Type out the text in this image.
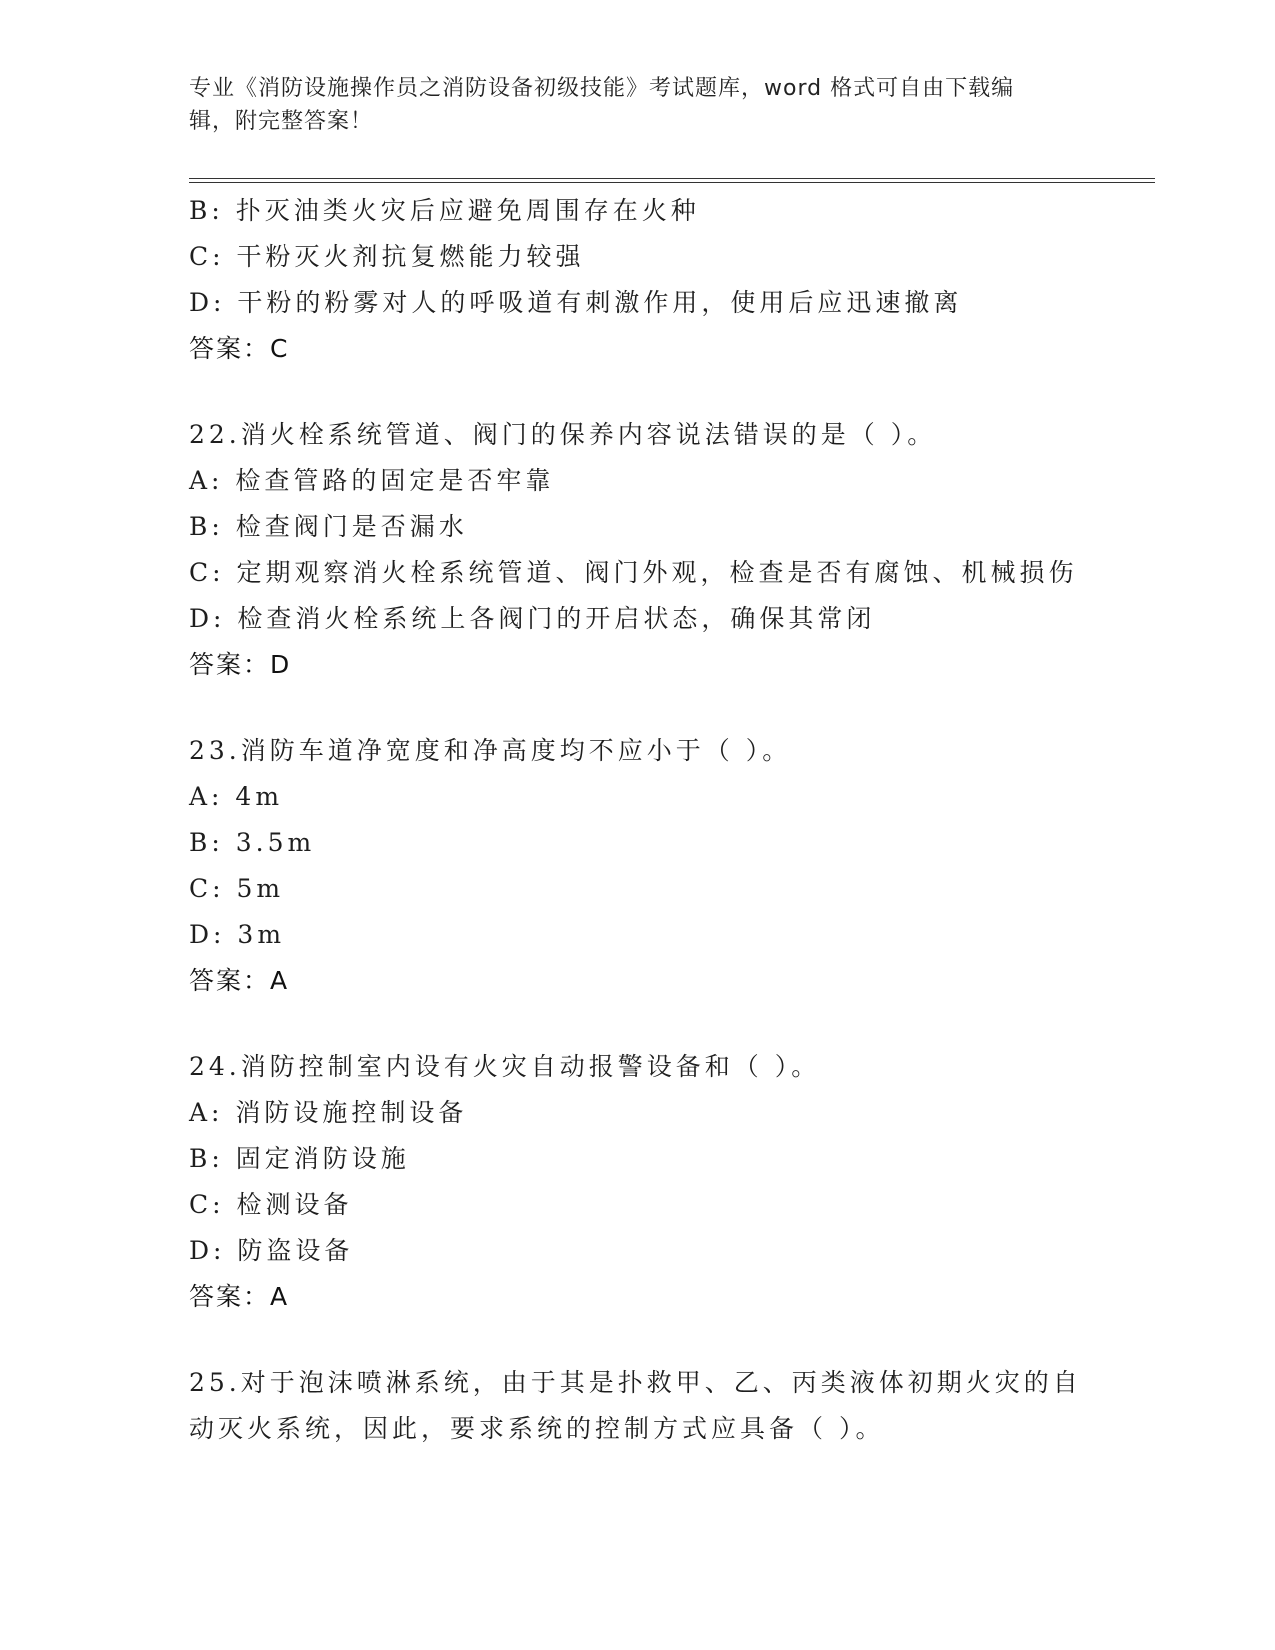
专业《消防设施操作员之消防设备初级技能》考试题库，word 格式可自由下载编
辑，附完整答案！
B: 扑灭油类火灾后应避免周围存在火种
C: 干粉灭火剂抗复燃能力较强
D: 干粉的粉雾对人的呼吸道有刺激作用，使用后应迅速撤离
答案：C
22.消火栓系统管道、阀门的保养内容说法错误的是（ ）。
A: 检查管路的固定是否牢靠
B: 检查阀门是否漏水
C: 定期观察消火栓系统管道、阀门外观，检查是否有腐蚀、机械损伤
D: 检查消火栓系统上各阀门的开启状态，确保其常闭
答案：D
23.消防车道净宽度和净高度均不应小于（ ）。
A: 4m
B: 3.5m
C: 5m
D: 3m
答案：A
24.消防控制室内设有火灾自动报警设备和（ ）。
A: 消防设施控制设备
B: 固定消防设施
C: 检测设备
D: 防盗设备
答案：A
25.对于泡沫喷淋系统，由于其是扑救甲、乙、丙类液体初期火灾的自
动灭火系统，因此，要求系统的控制方式应具备（ ）。
